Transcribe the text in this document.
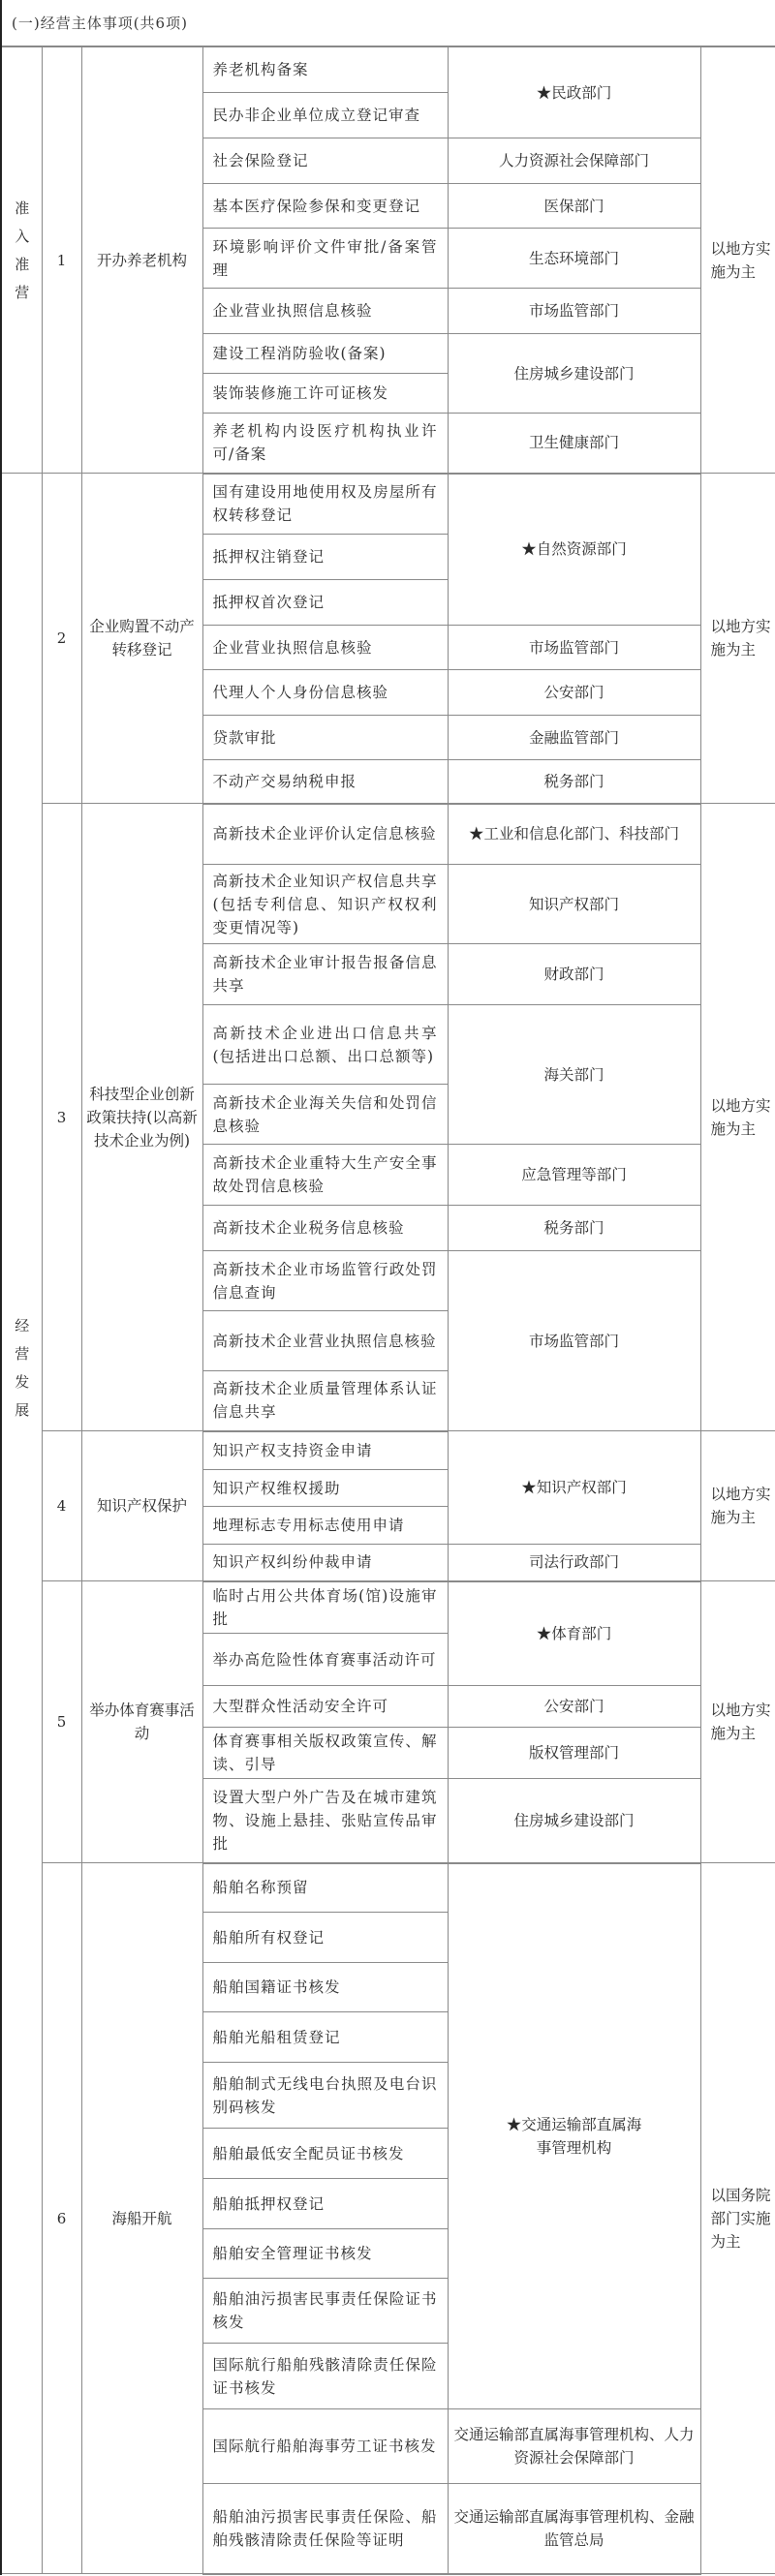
(一)经营主体事项(共6项)
准入准营	1	开办养老机构	养老机构备案	★民政部门	以地方实施为主
			民办非企业单位成立登记审查		
			社会保险登记	人力资源社会保障部门	
			基本医疗保险参保和变更登记	医保部门	
			环境影响评价文件审批/备案管理	生态环境部门	
			企业营业执照信息核验	市场监管部门	
			建设工程消防验收(备案)	住房城乡建设部门	
			装饰装修施工许可证核发		
			养老机构内设医疗机构执业许可/备案	卫生健康部门	

经营发展	2	企业购置不动产转移登记	国有建设用地使用权及房屋所有权转移登记	★自然资源部门	以地方实施为主
			抵押权注销登记		
			抵押权首次登记		
			企业营业执照信息核验	市场监管部门	
			代理人个人身份信息核验	公安部门	
			贷款审批	金融监管部门	
			不动产交易纳税申报	税务部门	
	3	科技型企业创新政策扶持(以高新技术企业为例)	高新技术企业评价认定信息核验	★工业和信息化部门、科技部门	以地方实施为主
			高新技术企业知识产权信息共享(包括专利信息、知识产权权利变更情况等)	知识产权部门	
			高新技术企业审计报告报备信息共享	财政部门	
			高新技术企业进出口信息共享(包括进出口总额、出口总额等)	海关部门	
			高新技术企业海关失信和处罚信息核验		
			高新技术企业重特大生产安全事故处罚信息核验	应急管理等部门	
			高新技术企业税务信息核验	税务部门	
			高新技术企业市场监管行政处罚信息查询	市场监管部门	
			高新技术企业营业执照信息核验		
			高新技术企业质量管理体系认证信息共享		
	4	知识产权保护	知识产权支持资金申请	★知识产权部门	以地方实施为主
			知识产权维权援助		
			地理标志专用标志使用申请		
			知识产权纠纷仲裁申请	司法行政部门	
	5	举办体育赛事活动	临时占用公共体育场(馆)设施审批	★体育部门	以地方实施为主
			举办高危险性体育赛事活动许可		
			大型群众性活动安全许可	公安部门	
			体育赛事相关版权政策宣传、解读、引导	版权管理部门	
			设置大型户外广告及在城市建筑物、设施上悬挂、张贴宣传品审批	住房城乡建设部门	
	6	海船开航	船舶名称预留	★交通运输部直属海事管理机构	以国务院部门实施为主
			船舶所有权登记		
			船舶国籍证书核发		
			船舶光船租赁登记		
			船舶制式无线电台执照及电台识别码核发		
			船舶最低安全配员证书核发		
			船舶抵押权登记		
			船舶安全管理证书核发		
			船舶油污损害民事责任保险证书核发		
			国际航行船舶残骸清除责任保险证书核发		
			国际航行船舶海事劳工证书核发	交通运输部直属海事管理机构、人力资源社会保障部门	
			船舶油污损害民事责任保险、船舶残骸清除责任保险等证明	交通运输部直属海事管理机构、金融监管总局	
